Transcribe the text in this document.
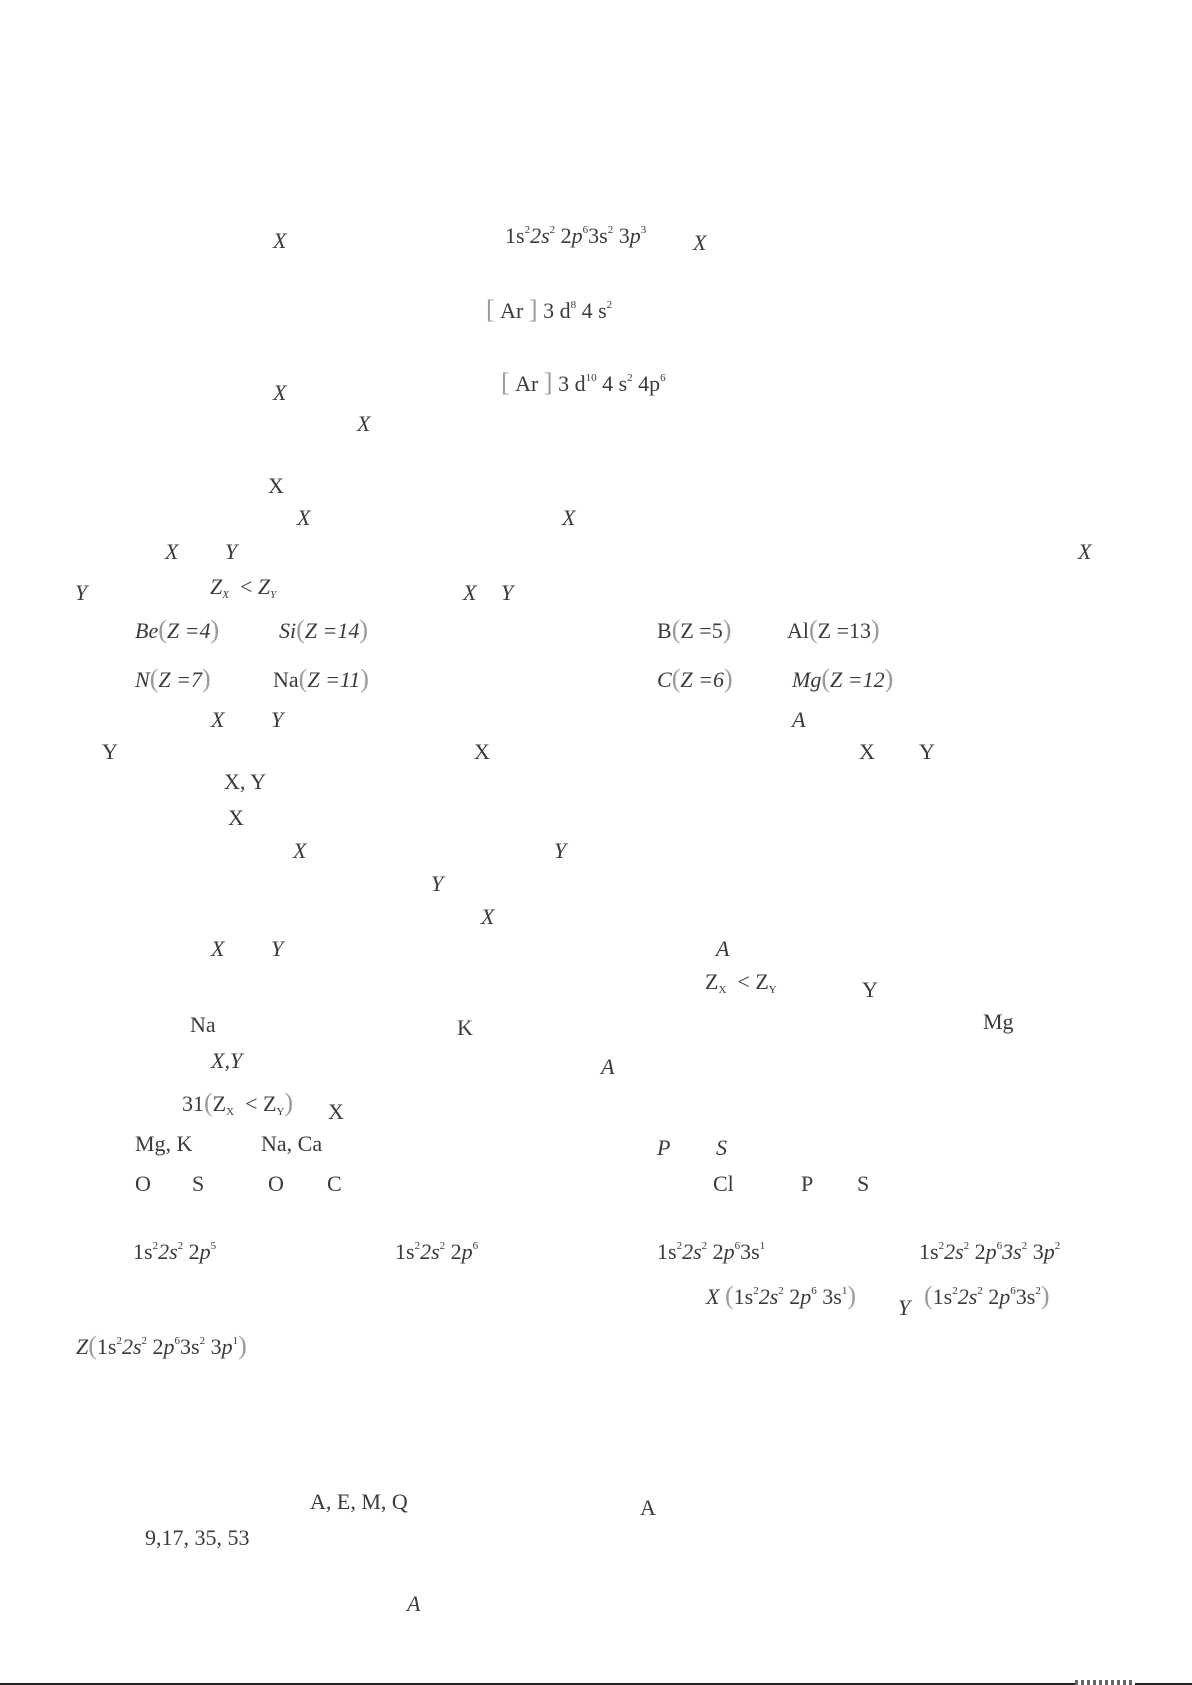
X	$1s^22s^2$ $2p^63s^2$ $3p^3$ X
[ Ar ] 3 $d^8$ 4 $s^2$
[ Ar ] 3 $d^{10}$ 4 $s^2$ $4p^6$
X
X
X
X	X
X Y	X
Y	$Z_X < Z_Y$	X Y
Be(Z =4)	Si(Z =14)	B(Z =5)	Al(Z =13)
N(Z =7)	Na(Z =11)	C(Z =6)	Mg(Z =12)
X Y	A
Y	X	X Y
X, Y
X
X	Y
Y
X
X Y	A
$Z_X < Z_Y$	Y
Na	K	Mg
X,Y	A
$31(Z_X < Z_Y)$ X
Mg, K	Na, Ca	P S
O S	O C	Cl	P S
$1s^22s^2$ $2p^5$	$1s^22s^2$ $2p^6$	$1s^22s^2$ $2p^63s^1$	$1s^22s^2$ $2p^63s^2$ $3p^2$
X ($1s^22s^2$ $2p^6$ $3s^1$) Y ($1s^22s^2$ $2p^63s^2$)
$Z(1s^22s^2$ $2p^63s^2$ $3p^1$)
A, E, M, Q	A
9,17, 35, 53
A
